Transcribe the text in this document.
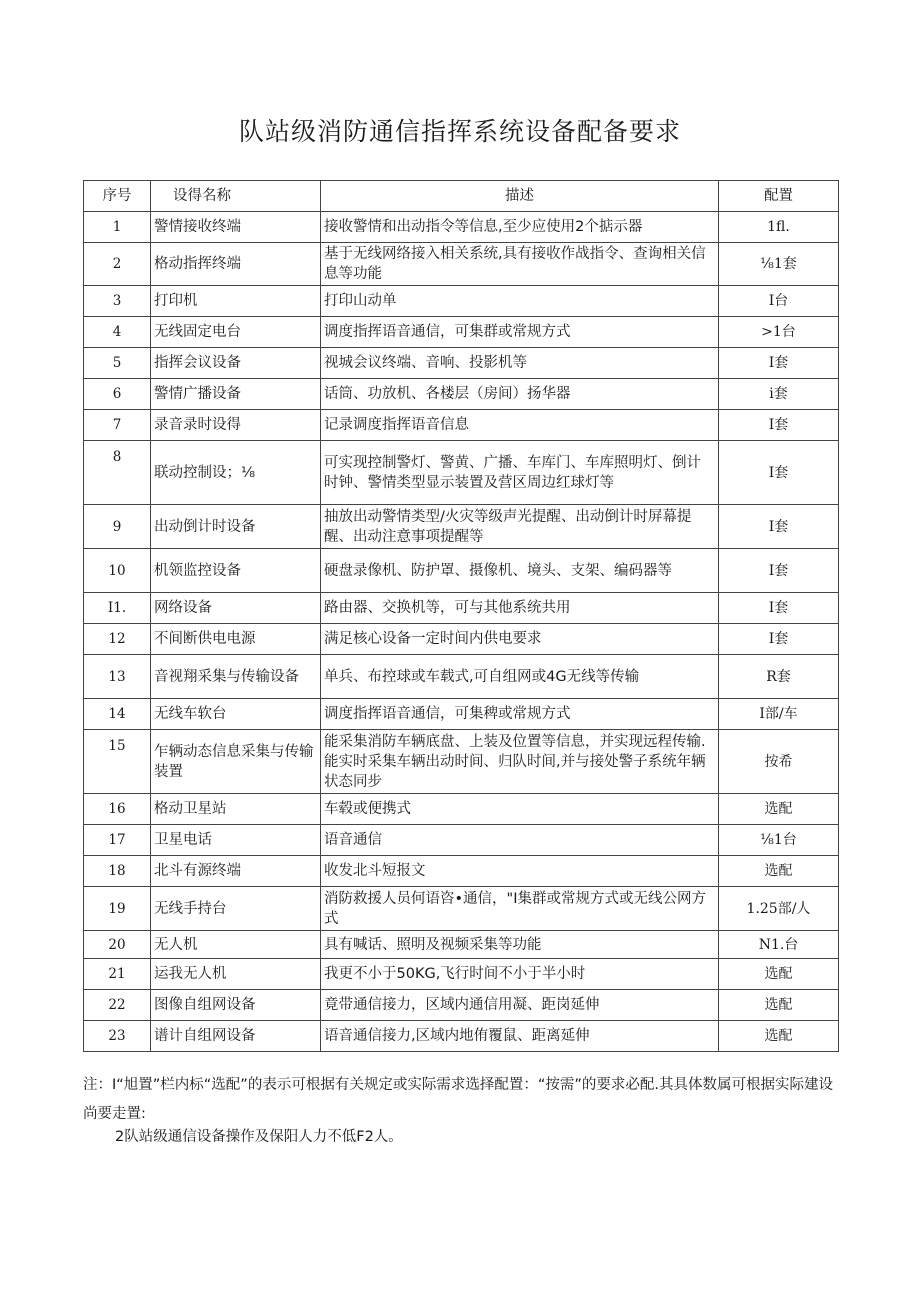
队站级消防通信指挥系统设备配备要求
序号	设得名称	描述	配置
1	警情接收终端	接收警情和出动指令等信息,至少应使用2个掂示器	1fl.
2	格动指挥终端	基于无线网络接入相关系统,具有接收作战指令、查询相关信息等功能	⅛1套
3	打印机	打印山动单	I台
4	无线固定电台	调度指挥语音通信，可集群或常规方式	>1台
5	指挥会议设备	视城会议终端、音响、投影机等	I套
6	警情广播设备	话筒、功放机、各楼层（房间）扬华器	i套
7	录音录时设得	记录调度指挥语音信息	I套
8	联动控制设；⅛	可实现控制警灯、警黄、广播、车库门、车库照明灯、倒计时钟、警情类型显示装置及营区周边红球灯等	I套
9	出动倒计时设备	抽放出动警情类型/火灾等级声光提醒、出动倒计时屏幕提醒、出动注意事项提醒等	I套
10	机领监控设备	硬盘录像机、防护罩、摄像机、境头、支架、编码器等	I套
I1.	网络设备	路由器、交换机等，可与其他系统共用	I套
12	不间断供电电源	满足核心设备一定时间内供电要求	I套
13	音视翔采集与传输设备	单兵、布控球或车载式,可自组网或4G无线等传输	R套
14	无线车软台	调度指挥语音通信，可集稗或常规方式	I部/车
15	乍辆动态信息采集与传输装置	能采集消防车辆底盘、上装及位置等信息，并实现远程传输.能实时采集车辆出动时间、归队时间,并与接处警子系统年辆状态同步	按希
16	格动卫星站	车毂或便携式	选配
17	卫星电话	语音通信	⅛1台
18	北斗有源终端	收发北斗短报文	选配
19	无线手持台	消防救援人员何语咨•通信，"I集群或常规方式或无线公网方式	1.25部/人
20	无人机	具有喊话、照明及视频采集等功能	N1.台
21	运我无人机	我更不小于50KG,飞行时间不小于半小时	选配
22	图像自组网设备	竟带通信接力，区域内通信用凝、距岗延伸	选配
23	谱计自组网设备	语音通信接力,区域内地侑覆鼠、距离延伸	选配

注：I“旭置”栏内标“选配”的表示可根据有关规定或实际需求选择配置：“按需”的要求必配.其具体数属可根据实际建设尚要走置:

2队站级通信设备操作及保阳人力不低F2人。
